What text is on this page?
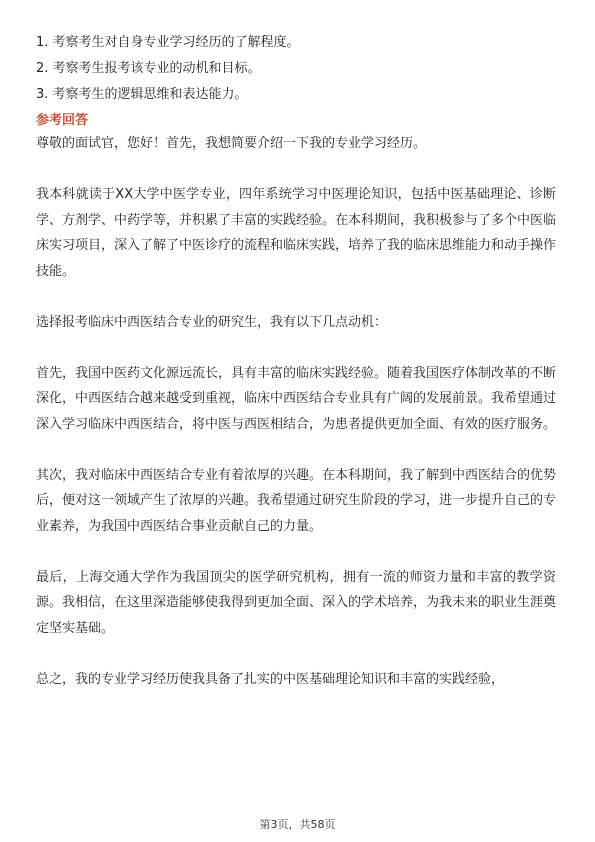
1. 考察考生对自身专业学习经历的了解程度。
2. 考察考生报考该专业的动机和目标。
3. 考察考生的逻辑思维和表达能力。
参考回答

尊敬的面试官，您好！首先，我想简要介绍一下我的专业学习经历。

我本科就读于XX大学中医学专业，四年系统学习中医理论知识，包括中医基础理论、诊断学、方剂学、中药学等，并积累了丰富的实践经验。在本科期间，我积极参与了多个中医临床实习项目，深入了解了中医诊疗的流程和临床实践，培养了我的临床思维能力和动手操作技能。

选择报考临床中西医结合专业的研究生，我有以下几点动机：

首先，我国中医药文化源远流长，具有丰富的临床实践经验。随着我国医疗体制改革的不断深化，中西医结合越来越受到重视，临床中西医结合专业具有广阔的发展前景。我希望通过深入学习临床中西医结合，将中医与西医相结合，为患者提供更加全面、有效的医疗服务。

其次，我对临床中西医结合专业有着浓厚的兴趣。在本科期间，我了解到中西医结合的优势后，便对这一领域产生了浓厚的兴趣。我希望通过研究生阶段的学习，进一步提升自己的专业素养，为我国中西医结合事业贡献自己的力量。

最后，上海交通大学作为我国顶尖的医学研究机构，拥有一流的师资力量和丰富的教学资源。我相信，在这里深造能够使我得到更加全面、深入的学术培养，为我未来的职业生涯奠定坚实基础。

总之，我的专业学习经历使我具备了扎实的中医基础理论知识和丰富的实践经验，

第3页，共58页
